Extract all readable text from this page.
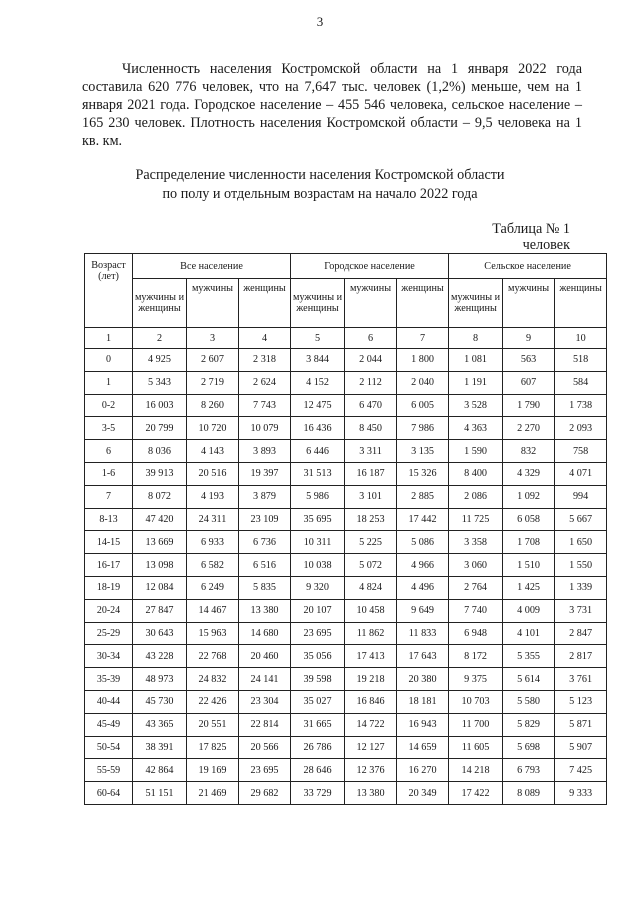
3
Численность населения Костромской области на 1 января 2022 года составила 620 776 человек, что на 7,647 тыс. человек (1,2%) меньше, чем на 1 января 2021 года. Городское население – 455 546 человека, сельское население – 165 230 человек. Плотность населения Костромской области – 9,5 человека на 1 кв. км.
Распределение численности населения Костромской области
по полу и отдельным возрастам на начало 2022 года
Таблица № 1
человек
Возраст (лет)	Все население			Городское население			Сельское население		
	мужчины и женщины	мужчины	женщины	мужчины и женщины	мужчины	женщины	мужчины и женщины	мужчины	женщины
1	2	3	4	5	6	7	8	9	10
0	4 925	2 607	2 318	3 844	2 044	1 800	1 081	563	518
1	5 343	2 719	2 624	4 152	2 112	2 040	1 191	607	584
0-2	16 003	8 260	7 743	12 475	6 470	6 005	3 528	1 790	1 738
3-5	20 799	10 720	10 079	16 436	8 450	7 986	4 363	2 270	2 093
6	8 036	4 143	3 893	6 446	3 311	3 135	1 590	832	758
1-6	39 913	20 516	19 397	31 513	16 187	15 326	8 400	4 329	4 071
7	8 072	4 193	3 879	5 986	3 101	2 885	2 086	1 092	994
8-13	47 420	24 311	23 109	35 695	18 253	17 442	11 725	6 058	5 667
14-15	13 669	6 933	6 736	10 311	5 225	5 086	3 358	1 708	1 650
16-17	13 098	6 582	6 516	10 038	5 072	4 966	3 060	1 510	1 550
18-19	12 084	6 249	5 835	9 320	4 824	4 496	2 764	1 425	1 339
20-24	27 847	14 467	13 380	20 107	10 458	9 649	7 740	4 009	3 731
25-29	30 643	15 963	14 680	23 695	11 862	11 833	6 948	4 101	2 847
30-34	43 228	22 768	20 460	35 056	17 413	17 643	8 172	5 355	2 817
35-39	48 973	24 832	24 141	39 598	19 218	20 380	9 375	5 614	3 761
40-44	45 730	22 426	23 304	35 027	16 846	18 181	10 703	5 580	5 123
45-49	43 365	20 551	22 814	31 665	14 722	16 943	11 700	5 829	5 871
50-54	38 391	17 825	20 566	26 786	12 127	14 659	11 605	5 698	5 907
55-59	42 864	19 169	23 695	28 646	12 376	16 270	14 218	6 793	7 425
60-64	51 151	21 469	29 682	33 729	13 380	20 349	17 422	8 089	9 333
